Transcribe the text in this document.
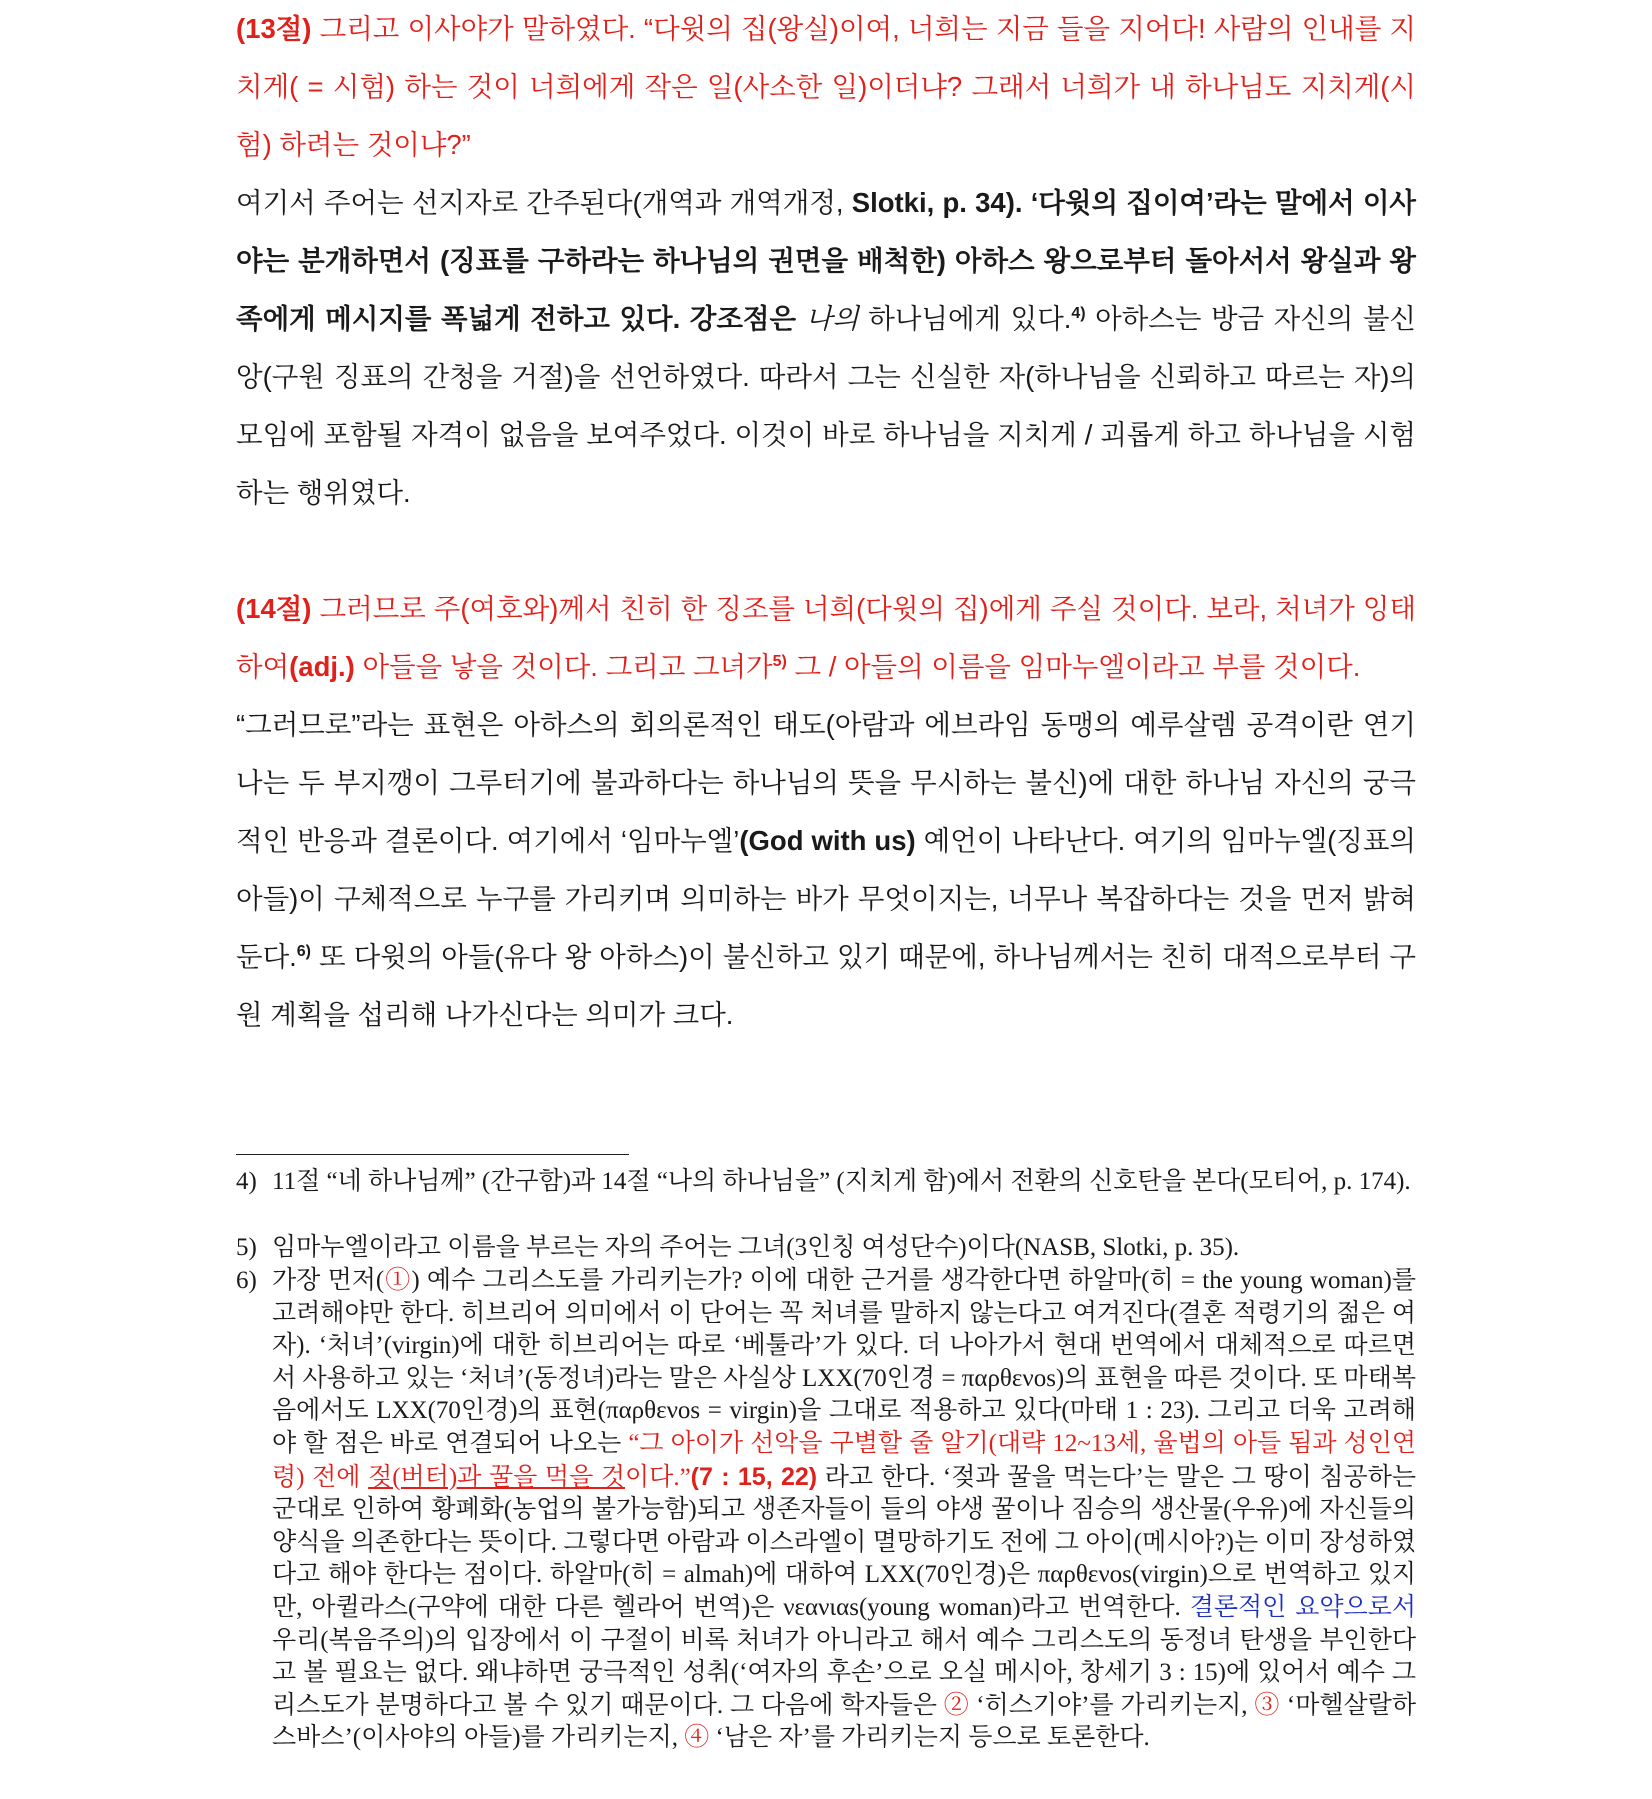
(13절) 그리고 이사야가 말하였다. “다윗의 집(왕실)이여, 너희는 지금 들을 지어다! 사람의 인내를 지치게( = 시험) 하는 것이 너희에게 작은 일(사소한 일)이더냐? 그래서 너희가 내 하나님도 지치게(시험) 하려는 것이냐?”
여기서 주어는 선지자로 간주된다(개역과 개역개정, Slotki, p. 34). ‘다윗의 집이여’라는 말에서 이사야는 분개하면서 (징표를 구하라는 하나님의 권면을 배척한) 아하스 왕으로부터 돌아서서 왕실과 왕족에게 메시지를 폭넓게 전하고 있다. 강조점은 나의 하나님에게 있다.$^{4)}$ 아하스는 방금 자신의 불신앙(구원 징표의 간청을 거절)을 선언하였다. 따라서 그는 신실한 자(하나님을 신뢰하고 따르는 자)의 모임에 포함될 자격이 없음을 보여주었다. 이것이 바로 하나님을 지치게 / 괴롭게 하고 하나님을 시험하는 행위였다.

(14절) 그러므로 주(여호와)께서 친히 한 징조를 너희(다윗의 집)에게 주실 것이다. 보라, 처녀가 잉태하여(adj.) 아들을 낳을 것이다. 그리고 그녀가$^{5)}$ 그 / 아들의 이름을 임마누엘이라고 부를 것이다.
“그러므로”라는 표현은 아하스의 회의론적인 태도(아람과 에브라임 동맹의 예루살렘 공격이란 연기 나는 두 부지깽이 그루터기에 불과하다는 하나님의 뜻을 무시하는 불신)에 대한 하나님 자신의 궁극적인 반응과 결론이다. 여기에서 ‘임마누엘’(God with us) 예언이 나타난다. 여기의 임마누엘(징표의 아들)이 구체적으로 누구를 가리키며 의미하는 바가 무엇이지는, 너무나 복잡하다는 것을 먼저 밝혀둔다.$^{6)}$ 또 다윗의 아들(유다 왕 아하스)이 불신하고 있기 때문에, 하나님께서는 친히 대적으로부터 구원 계획을 섭리해 나가신다는 의미가 크다.

4) 11절 “네 하나님께” (간구함)과 14절 “나의 하나님을” (지치게 함)에서 전환의 신호탄을 본다(모티어, p. 174).
5) 임마누엘이라고 이름을 부르는 자의 주어는 그녀(3인칭 여성단수)이다(NASB, Slotki, p. 35).
6) 가장 먼저(①) 예수 그리스도를 가리키는가? 이에 대한 근거를 생각한다면 하알마(히 = the young woman)를 고려해야만 한다. 히브리어 의미에서 이 단어는 꼭 처녀를 말하지 않는다고 여겨진다(결혼 적령기의 젊은 여자). ‘처녀’(virgin)에 대한 히브리어는 따로 ‘베툴라’가 있다. 더 나아가서 현대 번역에서 대체적으로 따르면서 사용하고 있는 ‘처녀’(동정녀)라는 말은 사실상 LXX(70인경 = παρθενos)의 표현을 따른 것이다. 또 마태복음에서도 LXX(70인경)의 표현(παρθενos = virgin)을 그대로 적용하고 있다(마태 1 : 23). 그리고 더욱 고려해야 할 점은 바로 연결되어 나오는 “그 아이가 선악을 구별할 줄 알기(대략 12~13세, 율법의 아들 됨과 성인연령) 전에 젖(버터)과 꿀을 먹을 것이다.”(7 : 15, 22) 라고 한다. ‘젖과 꿀을 먹는다’는 말은 그 땅이 침공하는 군대로 인하여 황폐화(농업의 불가능함)되고 생존자들이 들의 야생 꿀이나 짐승의 생산물(우유)에 자신들의 양식을 의존한다는 뜻이다. 그렇다면 아람과 이스라엘이 멸망하기도 전에 그 아이(메시아?)는 이미 장성하였다고 해야 한다는 점이다. 하알마(히 = almah)에 대하여 LXX(70인경)은 παρθενos(virgin)으로 번역하고 있지만, 아퀼라스(구약에 대한 다른 헬라어 번역)은 νεανιαs(young woman)라고 번역한다. 결론적인 요약으로서 우리(복음주의)의 입장에서 이 구절이 비록 처녀가 아니라고 해서 예수 그리스도의 동정녀 탄생을 부인한다고 볼 필요는 없다. 왜냐하면 궁극적인 성취(‘여자의 후손’으로 오실 메시아, 창세기 3 : 15)에 있어서 예수 그리스도가 분명하다고 볼 수 있기 때문이다. 그 다음에 학자들은 ② ‘히스기야’를 가리키는지, ③ ‘마헬살랄하스바스’(이사야의 아들)를 가리키는지, ④ ‘남은 자’를 가리키는지 등으로 토론한다.
